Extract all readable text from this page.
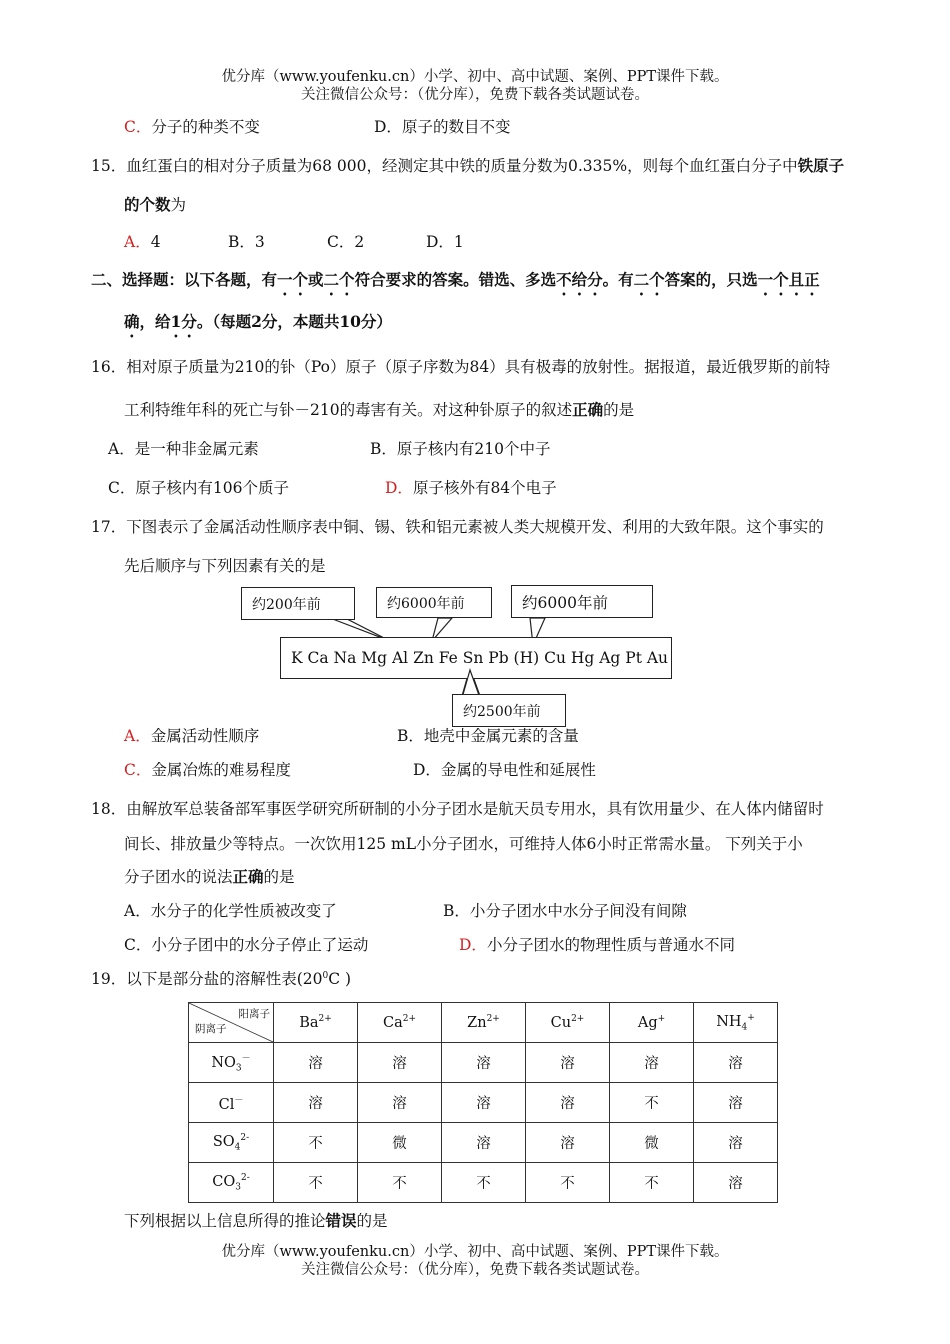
优分库（www.youfenku.cn）小学、初中、高中试题、案例、PPT课件下载。
关注微信公众号：（优分库），免费下载各类试题试卷。
C．分子的种类不变	D．原子的数目不变
15．血红蛋白的相对分子质量为68 000，经测定其中铁的质量分数为0.335%，则每个血红蛋白分子中铁原子
的个数为
A．4	B．3	C．2	D．1
二、选择题：以下各题，有一个或二个符合要求的答案。错选、多选不给分。有二个答案的，只选一个且正
确，给1分。（每题2分，本题共10分）
16．相对原子质量为210的钋（Po）原子（原子序数为84）具有极毒的放射性。据报道，最近俄罗斯的前特
工利特维年科的死亡与钋－210的毒害有关。对这种钋原子的叙述正确的是
A．是一种非金属元素	B．原子核内有210个中子
C．原子核内有106个质子	D．原子核外有84个电子
17．下图表示了金属活动性顺序表中铜、锡、铁和铝元素被人类大规模开发、利用的大致年限。这个事实的
先后顺序与下列因素有关的是
约200年前	约6000年前	约6000年前
K Ca Na Mg Al Zn Fe Sn Pb (H) Cu Hg Ag Pt Au
约2500年前
A．金属活动性顺序	B．地壳中金属元素的含量
C．金属冶炼的难易程度	D．金属的导电性和延展性
18．由解放军总装备部军事医学研究所研制的小分子团水是航天员专用水，具有饮用量少、在人体内储留时
间长、排放量少等特点。一次饮用125 mL小分子团水，可维持人体6小时正常需水量。 下列关于小
分子团水的说法正确的是
A．水分子的化学性质被改变了	B．小分子团水中水分子间没有间隙
C．小分子团中的水分子停止了运动	D．小分子团水的物理性质与普通水不同
19．以下是部分盐的溶解性表($20^0C$ )
阳离子
阴离子	$Ba^{2+}$	$Ca^{2+}$	$Zn^{2+}$	$Cu^{2+}$	Ag+	$NH_4^+$
$NO_3^-$	溶	溶	溶	溶	溶	溶
Cl－	溶	溶	溶	溶	不	溶
$SO_4^{2-}$	不	微	溶	溶	微	溶
$CO_3^{2-}$	不	不	不	不	不	溶
下列根据以上信息所得的推论错误的是
优分库（www.youfenku.cn）小学、初中、高中试题、案例、PPT课件下载。
关注微信公众号：（优分库），免费下载各类试题试卷。
